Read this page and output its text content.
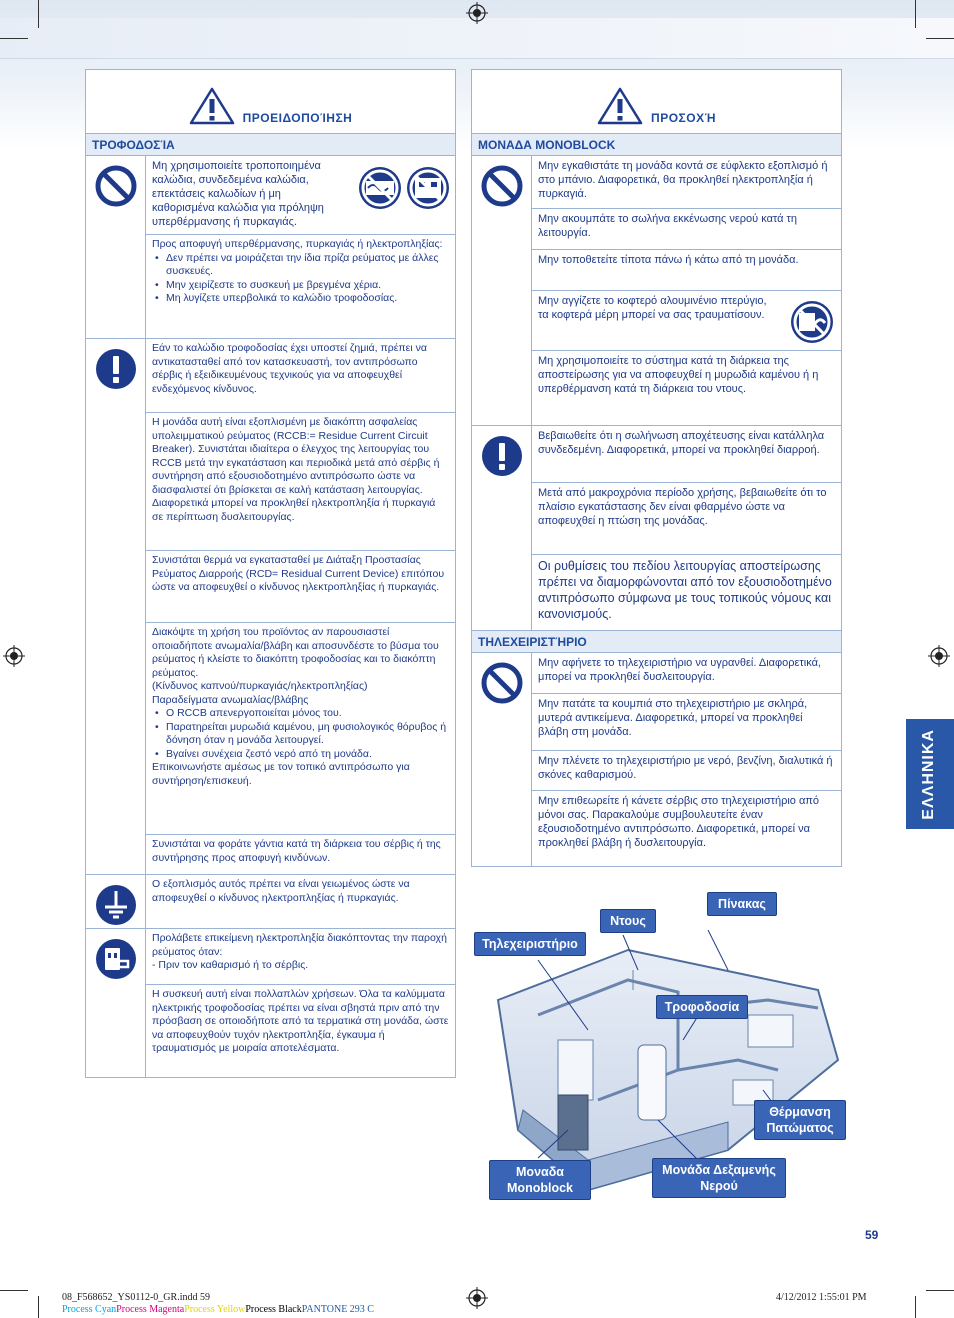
ΠΡΟΕΙΔΟΠΟΊΗΣΗ
ΤΡΟΦΟΔΟΣΊΑ
Μη χρησιμοποιείτε τροποποιημένα καλώδια, συνδεδεμένα καλώδια, επεκτάσεις καλωδίων ή μη καθορισμένα καλώδια για πρόληψη υπερθέρμανσης ή πυρκαγιάς.
Προς αποφυγή υπερθέρμανσης, πυρκαγιάς ή ηλεκτροπληξίας:
• Δεν πρέπει να μοιράζεται την ίδια πρίζα ρεύματος με άλλες συσκευές.
• Μην χειρίζεστε το συσκευή με βρεγμένα χέρια.
• Μη λυγίζετε υπερβολικά το καλώδιο τροφοδοσίας.
Εάν το καλώδιο τροφοδοσίας έχει υποστεί ζημιά, πρέπει να αντικατασταθεί από τον κατασκευαστή, τον αντιπρόσωπο σέρβις ή εξειδικευμένους τεχνικούς για να αποφευχθεί ενδεχόμενος κίνδυνος.
Η μονάδα αυτή είναι εξοπλισμένη με διακόπτη ασφαλείας υπολειμματικού ρεύματος (RCCB:= Residue Current Circuit Breaker). Συνιστάται ιδιαίτερα ο έλεγχος της λειτουργίας του RCCB μετά την εγκατάσταση και περιοδικά μετά από σέρβις ή συντήρηση από εξουσιοδοτημένο αντιπρόσωπο ώστε να διασφαλιστεί ότι βρίσκεται σε καλή κατάσταση λειτουργίας. Διαφορετικά μπορεί να προκληθεί ηλεκτροπληξία ή πυρκαγιά σε περίπτωση δυσλειτουργίας.
Συνιστάται θερμά να εγκατασταθεί με Διάταξη Προστασίας Ρεύματος Διαρροής (RCD= Residual Current Device) επιτόπου ώστε να αποφευχθεί ο κίνδυνος ηλεκτροπληξίας ή πυρκαγιάς.
Διακόψτε τη χρήση του προϊόντος αν παρουσιαστεί οποιαδήποτε ανωμαλία/βλάβη και αποσυνδέστε το βύσμα του ρεύματος ή κλείστε το διακόπτη τροφοδοσίας και το διακόπτη ρεύματος.
(Κίνδυνος καπνού/πυρκαγιάς/ηλεκτροπληξίας)
Παραδείγματα ανωμαλίας/βλάβης
• Ο RCCB απενεργοποιείται μόνος του.
• Παρατηρείται μυρωδιά καμένου, μη φυσιολογικός θόρυβος ή δόνηση όταν η μονάδα λειτουργεί.
• Βγαίνει συνέχεια ζεστό νερό από τη μονάδα.
Επικοινωνήστε αμέσως με τον τοπικό αντιπρόσωπο για συντήρηση/επισκευή.
Συνιστάται να φοράτε γάντια κατά τη διάρκεια του σέρβις ή της συντήρησης προς αποφυγή κινδύνων.
Ο εξοπλισμός αυτός πρέπει να είναι γειωμένος ώστε να αποφευχθεί ο κίνδυνος ηλεκτροπληξίας ή πυρκαγιάς.
Προλάβετε επικείμενη ηλεκτροπληξία διακόπτοντας την παροχή ρεύματος όταν:
- Πριν τον καθαρισμό ή το σέρβις.
Η συσκευή αυτή είναι πολλαπλών χρήσεων. Όλα τα καλύμματα ηλεκτρικής τροφοδοσίας πρέπει να είναι σβηστά πριν από την πρόσβαση σε οποιοδήποτε από τα τερματικά στη μονάδα, ώστε να αποφευχθούν τυχόν ηλεκτροπληξία, έγκαυμα ή τραυματισμός με μοιραία αποτελέσματα.
ΠΡΟΣΟΧΉ
ΜΟΝΑΔΑ MONOBLOCK
Μην εγκαθιστάτε τη μονάδα κοντά σε εύφλεκτο εξοπλισμό ή στο μπάνιο. Διαφορετικά, θα προκληθεί ηλεκτροπληξία ή πυρκαγιά.
Μην ακουμπάτε το σωλήνα εκκένωσης νερού κατά τη λειτουργία.
Μην τοποθετείτε τίποτα πάνω ή κάτω από τη μονάδα.
Μην αγγίζετε το κοφτερό αλουμινένιο πτερύγιο, τα κοφτερά μέρη μπορεί να σας τραυματίσουν.
Μη χρησιμοποιείτε το σύστημα κατά τη διάρκεια της αποστείρωσης για να αποφευχθεί η μυρωδιά καμένου ή η υπερθέρμανση κατά τη διάρκεια του ντους.
Βεβαιωθείτε ότι η σωλήνωση αποχέτευσης είναι κατάλληλα συνδεδεμένη. Διαφορετικά, μπορεί να προκληθεί διαρροή.
Μετά από μακροχρόνια περίοδο χρήσης, βεβαιωθείτε ότι το πλαίσιο εγκατάστασης δεν είναι φθαρμένο ώστε να αποφευχθεί η πτώση της μονάδας.
Οι ρυθμίσεις του πεδίου λειτουργίας αποστείρωσης πρέπει να διαμορφώνονται από τον εξουσιοδοτημένο αντιπρόσωπο σύμφωνα με τους τοπικούς νόμους και κανονισμούς.
ΤΗΛΕΧΕΙΡΙΣΤΉΡΙΟ
Μην αφήνετε το τηλεχειριστήριο να υγρανθεί. Διαφορετικά, μπορεί να προκληθεί δυσλειτουργία.
Μην πατάτε τα κουμπιά στο τηλεχειριστήριο με σκληρά, μυτερά αντικείμενα. Διαφορετικά, μπορεί να προκληθεί βλάβη στη μονάδα.
Μην πλένετε το τηλεχειριστήριο με νερό, βενζίνη, διαλυτικά ή σκόνες καθαρισμού.
Μην επιθεωρείτε ή κάνετε σέρβις στο τηλεχειριστήριο από μόνοι σας. Παρακαλούμε συμβουλευτείτε έναν εξουσιοδοτημένο αντιπρόσωπο. Διαφορετικά, μπορεί να προκληθεί βλάβη ή δυσλειτουργία.
ΕΛΛΗΝΙΚΑ
Τηλεχειριστήριο
Ντους
Πίνακας
Τροφοδοσία
Θέρμανση Πατώματος
Μοναδα Monoblock
Μονάδα Δεξαμενής Νερού
59
08_F568652_YS0112-0_GR.indd 59	4/12/2012 1:55:01 PM
Process CyanProcess MagentaProcess YellowProcess BlackPANTONE 293 C
